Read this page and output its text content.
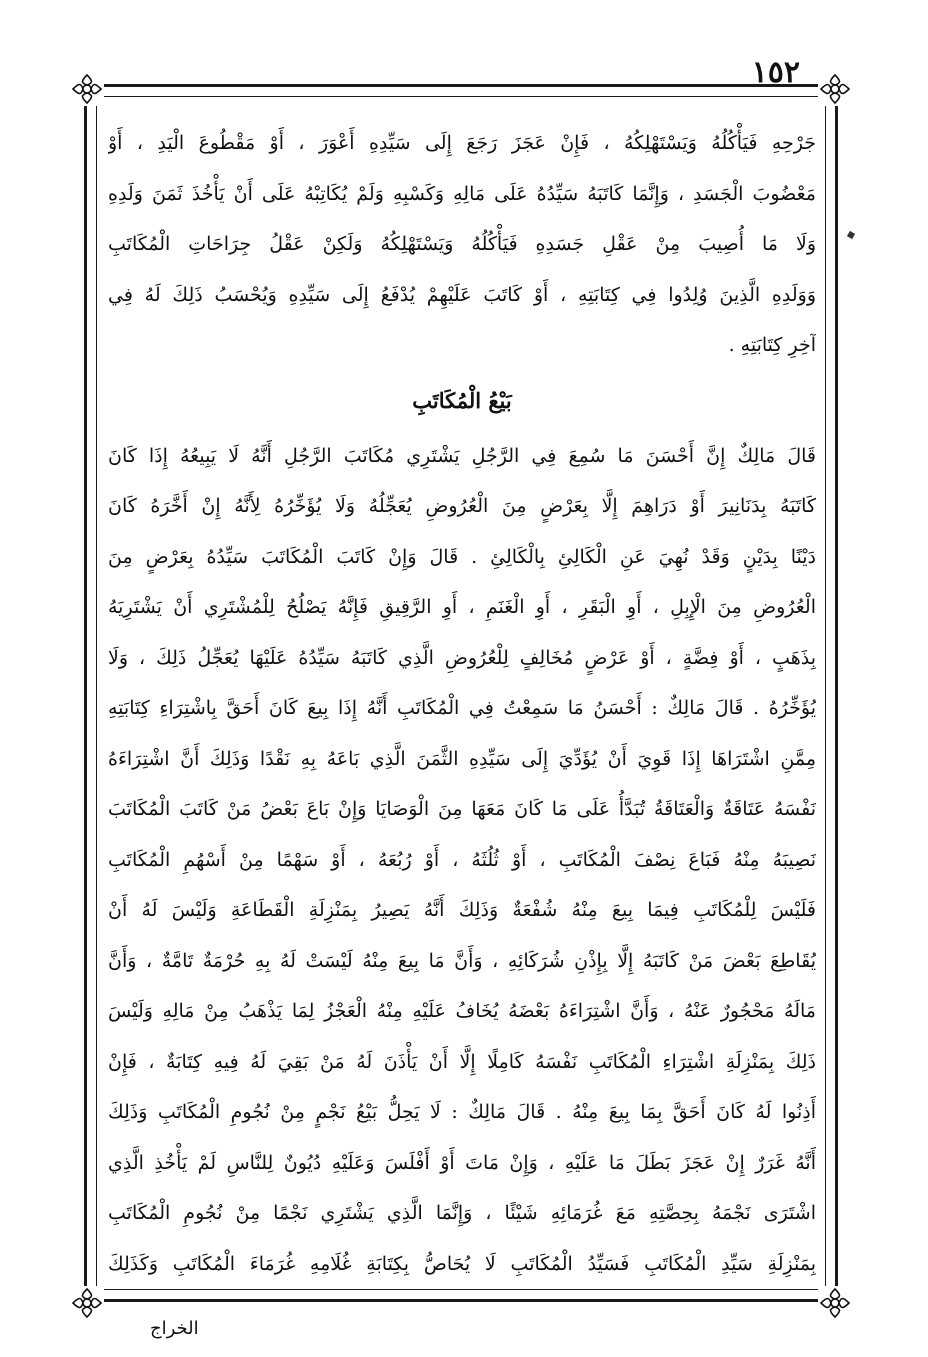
١٥٢
جَرْحِهِ فَيَأْكُلُهُ وَيَسْتَهْلِكُهُ ، فَإِنْ عَجَزَ رَجَعَ إِلَى سَيِّدِهِ أَعْوَرَ ، أَوْ مَقْطُوعَ الْيَدِ ، أَوْ
مَعْضُوبَ الْجَسَدِ ، وَإِنَّمَا كَاتَبَهُ سَيِّدُهُ عَلَى مَالِهِ وَكَسْبِهِ وَلَمْ يُكَاتِبْهُ عَلَى أَنْ يَأْخُذَ ثَمَنَ وَلَدِهِ
وَلَا مَا أُصِيبَ مِنْ عَقْلِ جَسَدِهِ فَيَأْكُلُهُ وَيَسْتَهْلِكُهُ وَلَكِنْ عَقْلُ جِرَاحَاتِ الْمُكَاتَبِ
وَوَلَدِهِ الَّذِينَ وُلِدُوا فِي كِتَابَتِهِ ، أَوْ كَاتَبَ عَلَيْهِمْ يُدْفَعُ إِلَى سَيِّدِهِ وَيُحْسَبُ ذَلِكَ لَهُ فِي
آخِرِ كِتَابَتِهِ .
بَيْعُ الْمُكَاتَبِ
قَالَ مَالِكٌ إِنَّ أَحْسَنَ مَا سُمِعَ فِي الرَّجُلِ يَشْتَرِي مُكَاتَبَ الرَّجُلِ أَنَّهُ لَا يَبِيعُهُ إِذَا كَانَ
كَاتَبَهُ بِدَنَانِيرَ أَوْ دَرَاهِمَ إِلَّا بِعَرْضٍ مِنَ الْعُرُوضِ يُعَجِّلُهُ وَلَا يُؤَخِّرُهُ لِأَنَّهُ إِنْ أَخَّرَهُ كَانَ
دَيْنًا بِدَيْنٍ وَقَدْ نُهِيَ عَنِ الْكَالِئِ بِالْكَالِئِ . قَالَ وَإِنْ كَاتَبَ الْمُكَاتَبَ سَيِّدُهُ بِعَرْضٍ مِنَ
الْعُرُوضِ مِنَ الْإِبِلِ ، أَوِ الْبَقَرِ ، أَوِ الْغَنَمِ ، أَوِ الرَّقِيقِ فَإِنَّهُ يَصْلُحُ لِلْمُشْتَرِي أَنْ يَشْتَرِيَهُ
بِذَهَبٍ ، أَوْ فِضَّةٍ ، أَوْ عَرْضٍ مُخَالِفٍ لِلْعُرُوضِ الَّذِي كَاتَبَهُ سَيِّدُهُ عَلَيْهَا يُعَجِّلُ ذَلِكَ ، وَلَا
يُؤَخِّرُهُ . قَالَ مَالِكٌ : أَحْسَنُ مَا سَمِعْتُ فِي الْمُكَاتَبِ أَنَّهُ إِذَا بِيعَ كَانَ أَحَقَّ بِاشْتِرَاءِ كِتَابَتِهِ
مِمَّنِ اشْتَرَاهَا إِذَا قَوِيَ أَنْ يُؤَدِّيَ إِلَى سَيِّدِهِ الثَّمَنَ الَّذِي بَاعَهُ بِهِ نَقْدًا وَذَلِكَ أَنَّ اشْتِرَاءَهُ
نَفْسَهُ عَتَاقَةٌ وَالْعَتَاقَةُ تُبَدَّأُ عَلَى مَا كَانَ مَعَهَا مِنَ الْوَصَايَا وَإِنْ بَاعَ بَعْضُ مَنْ كَاتَبَ الْمُكَاتَبَ
نَصِيبَهُ مِنْهُ فَبَاعَ نِصْفَ الْمُكَاتَبِ ، أَوْ ثُلُثَهُ ، أَوْ رُبُعَهُ ، أَوْ سَهْمًا مِنْ أَسْهُمِ الْمُكَاتَبِ
فَلَيْسَ لِلْمُكَاتَبِ فِيمَا بِيعَ مِنْهُ شُفْعَةٌ وَذَلِكَ أَنَّهُ يَصِيرُ بِمَنْزِلَةِ الْقَطَاعَةِ وَلَيْسَ لَهُ أَنْ
يُقَاطِعَ بَعْضَ مَنْ كَاتَبَهُ إِلَّا بِإِذْنِ شُرَكَائِهِ ، وَأَنَّ مَا بِيعَ مِنْهُ لَيْسَتْ لَهُ بِهِ حُرْمَةٌ تَامَّةٌ ، وَأَنَّ
مَالَهُ مَحْجُورٌ عَنْهُ ، وَأَنَّ اشْتِرَاءَهُ بَعْضَهُ يُخَافُ عَلَيْهِ مِنْهُ الْعَجْزُ لِمَا يَذْهَبُ مِنْ مَالِهِ وَلَيْسَ
ذَلِكَ بِمَنْزِلَةِ اشْتِرَاءِ الْمُكَاتَبِ نَفْسَهُ كَامِلًا إِلَّا أَنْ يَأْذَنَ لَهُ مَنْ بَقِيَ لَهُ فِيهِ كِتَابَةٌ ، فَإِنْ
أَذِنُوا لَهُ كَانَ أَحَقَّ بِمَا بِيعَ مِنْهُ . قَالَ مَالِكٌ : لَا يَحِلُّ بَيْعُ نَجْمٍ مِنْ نُجُومِ الْمُكَاتَبِ وَذَلِكَ
أَنَّهُ غَرَرٌ إِنْ عَجَزَ بَطَلَ مَا عَلَيْهِ ، وَإِنْ مَاتَ أَوْ أَفْلَسَ وَعَلَيْهِ دُيُونٌ لِلنَّاسِ لَمْ يَأْخُذِ الَّذِي
اشْتَرَى نَجْمَهُ بِحِصَّتِهِ مَعَ غُرَمَائِهِ شَيْئًا ، وَإِنَّمَا الَّذِي يَشْتَرِي نَجْمًا مِنْ نُجُومِ الْمُكَاتَبِ
بِمَنْزِلَةِ سَيِّدِ الْمُكَاتَبِ فَسَيِّدُ الْمُكَاتَبِ لَا يُحَاصُّ بِكِتَابَةِ غُلَامِهِ غُرَمَاءَ الْمُكَاتَبِ وَكَذَلِكَ
الخراج
